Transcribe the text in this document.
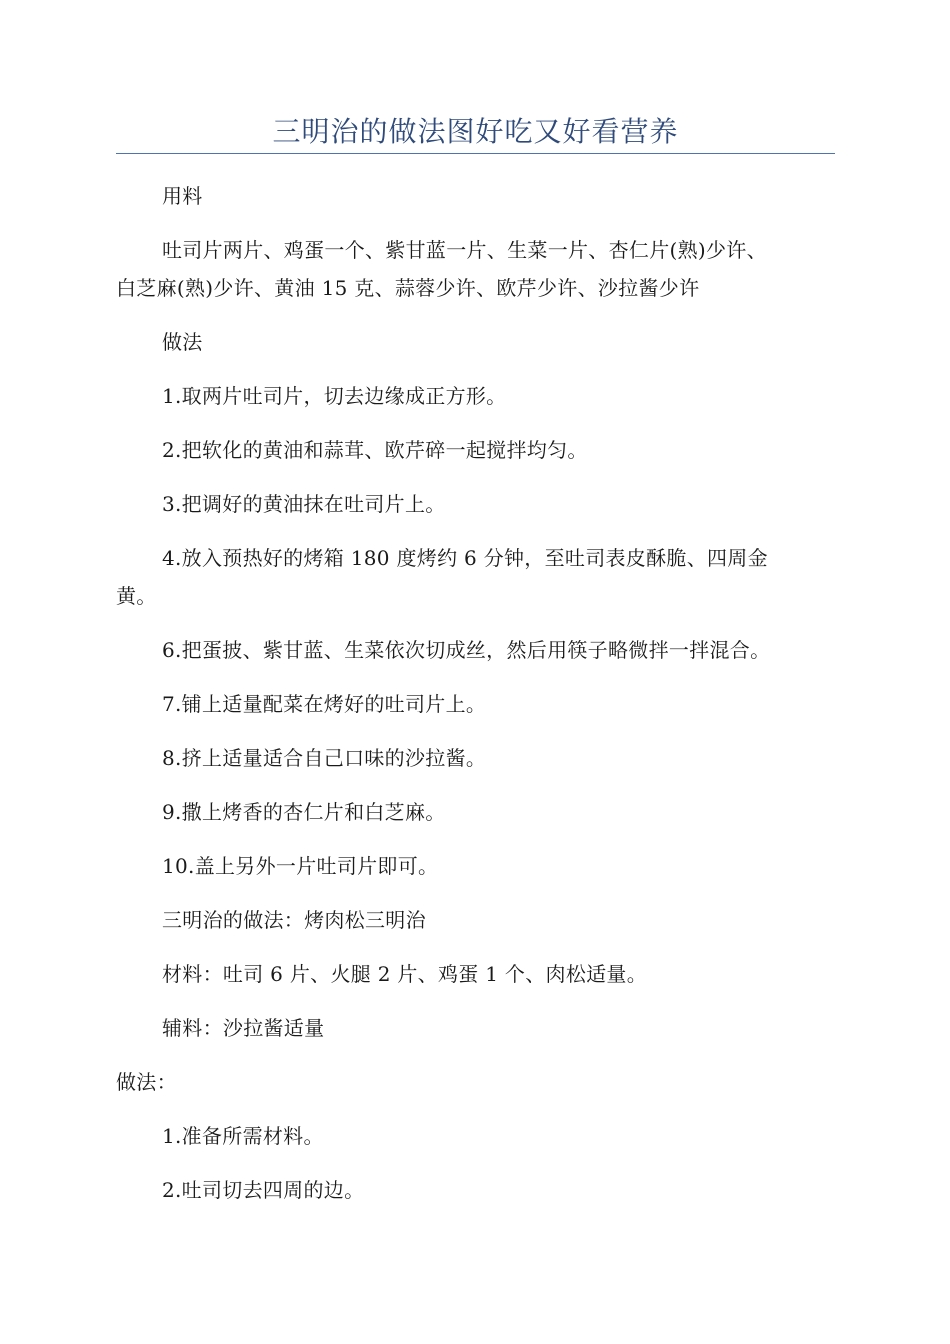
三明治的做法图好吃又好看营养
用料
吐司片两片、鸡蛋一个、紫甘蓝一片、生菜一片、杏仁片(熟)少许、
白芝麻(熟)少许、黄油 15 克、蒜蓉少许、欧芹少许、沙拉酱少许
做法
1.取两片吐司片，切去边缘成正方形。
2.把软化的黄油和蒜茸、欧芹碎一起搅拌均匀。
3.把调好的黄油抹在吐司片上。
4.放入预热好的烤箱 180 度烤约 6 分钟，至吐司表皮酥脆、四周金
黄。
6.把蛋披、紫甘蓝、生菜依次切成丝，然后用筷子略微拌一拌混合。
7.铺上适量配菜在烤好的吐司片上。
8.挤上适量适合自己口味的沙拉酱。
9.撒上烤香的杏仁片和白芝麻。
10.盖上另外一片吐司片即可。
三明治的做法：烤肉松三明治
材料：吐司 6 片、火腿 2 片、鸡蛋 1 个、肉松适量。
辅料：沙拉酱适量
做法：
1.准备所需材料。
2.吐司切去四周的边。
